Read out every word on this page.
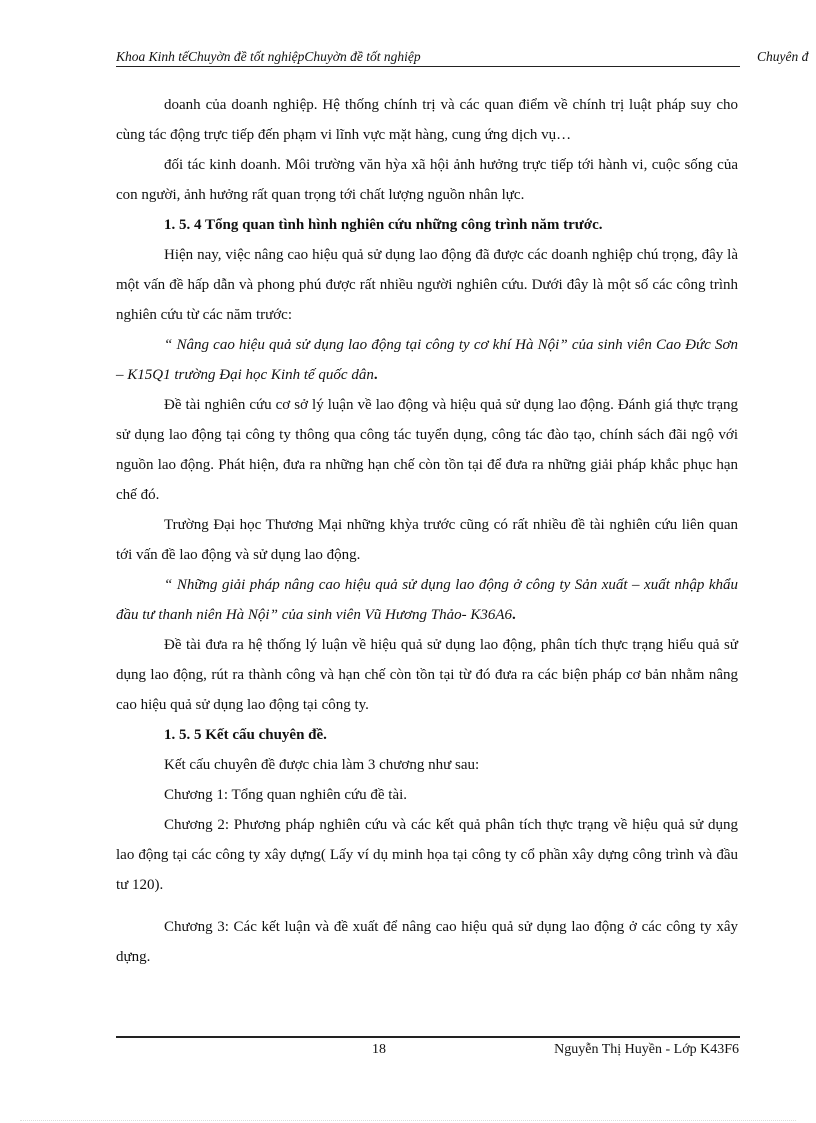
Khoa Kinh tếChuyờn đề tốt nghiệpChuyờn đề tốt nghiệp	Chuyên đ

doanh của doanh nghiệp. Hệ thống chính trị và các quan điểm về chính trị luật pháp suy cho cùng tác động trực tiếp đến phạm vi lĩnh vực mặt hàng, cung ứng dịch vụ…

đối tác kinh doanh. Môi trường văn hỳa xã hội ảnh hưởng trực tiếp tới hành vi, cuộc sống của con người, ảnh hưởng rất quan trọng tới chất lượng nguồn nhân lực.

1. 5. 4 Tổng quan tình hình nghiên cứu những công trình năm trước.

Hiện nay, việc nâng cao hiệu quả sử dụng lao động đã được các doanh nghiệp chú trọng, đây là một vấn đề hấp dẫn và phong phú được rất nhiều người nghiên cứu. Dưới đây là một số các công trình nghiên cứu từ các năm trước:

“ Nâng cao hiệu quả sử dụng lao động tại công ty cơ khí Hà Nội” của sinh viên Cao Đức Sơn – K15Q1 trường Đại học Kinh tế quốc dân.

Đề tài nghiên cứu cơ sở lý luận về lao động và hiệu quả sử dụng lao động. Đánh giá thực trạng sử dụng lao động tại công ty thông qua công tác tuyển dụng, công tác đào tạo, chính sách đãi ngộ với nguồn lao động. Phát hiện, đưa ra những hạn chế còn tồn tại để đưa ra những giải pháp khắc phục hạn chế đó.

Trường Đại học Thương Mại những khỳa trước cũng có rất nhiều đề tài nghiên cứu liên quan tới vấn đề lao động và sử dụng lao động.

“ Những giải pháp nâng cao hiệu quả sử dụng lao động ở công ty Sản xuất – xuất nhập khẩu đầu tư thanh niên Hà Nội” của sinh viên Vũ Hương Thảo- K36A6.

Đề tài đưa ra hệ thống lý luận về hiệu quả sử dụng lao động, phân tích thực trạng hiểu quả sử dụng lao động, rút ra thành công và hạn chế còn tồn tại từ đó đưa ra các biện pháp cơ bản nhằm nâng cao hiệu quả sử dụng lao động tại công ty.

1. 5. 5 Kết cấu chuyên đề.

Kết cấu chuyên đề được chia làm 3 chương như sau:

Chương 1: Tổng quan nghiên cứu đề tài.

Chương 2: Phương pháp nghiên cứu và các kết quả phân tích thực trạng về hiệu quả sử dụng lao động tại các công ty xây dựng( Lấy ví dụ minh họa tại công ty cổ phần xây dựng công trình và đầu tư 120).

Chương 3: Các kết luận và đề xuất để nâng cao hiệu quả sử dụng lao động ở các công ty xây dựng.

18	Nguyễn Thị Huyền - Lớp K43F6
